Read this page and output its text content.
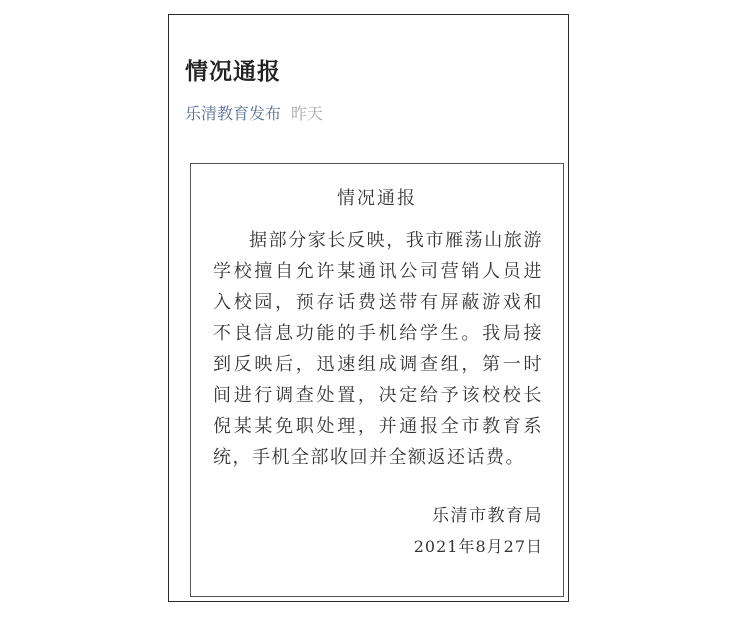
情况通报
乐清教育发布 昨天
情况通报
据部分家长反映，我市雁荡山旅游学校擅自允许某通讯公司营销人员进入校园，预存话费送带有屏蔽游戏和不良信息功能的手机给学生。我局接到反映后，迅速组成调查组，第一时间进行调查处置，决定给予该校校长倪某某免职处理，并通报全市教育系统，手机全部收回并全额返还话费。
乐清市教育局
2021年8月27日
